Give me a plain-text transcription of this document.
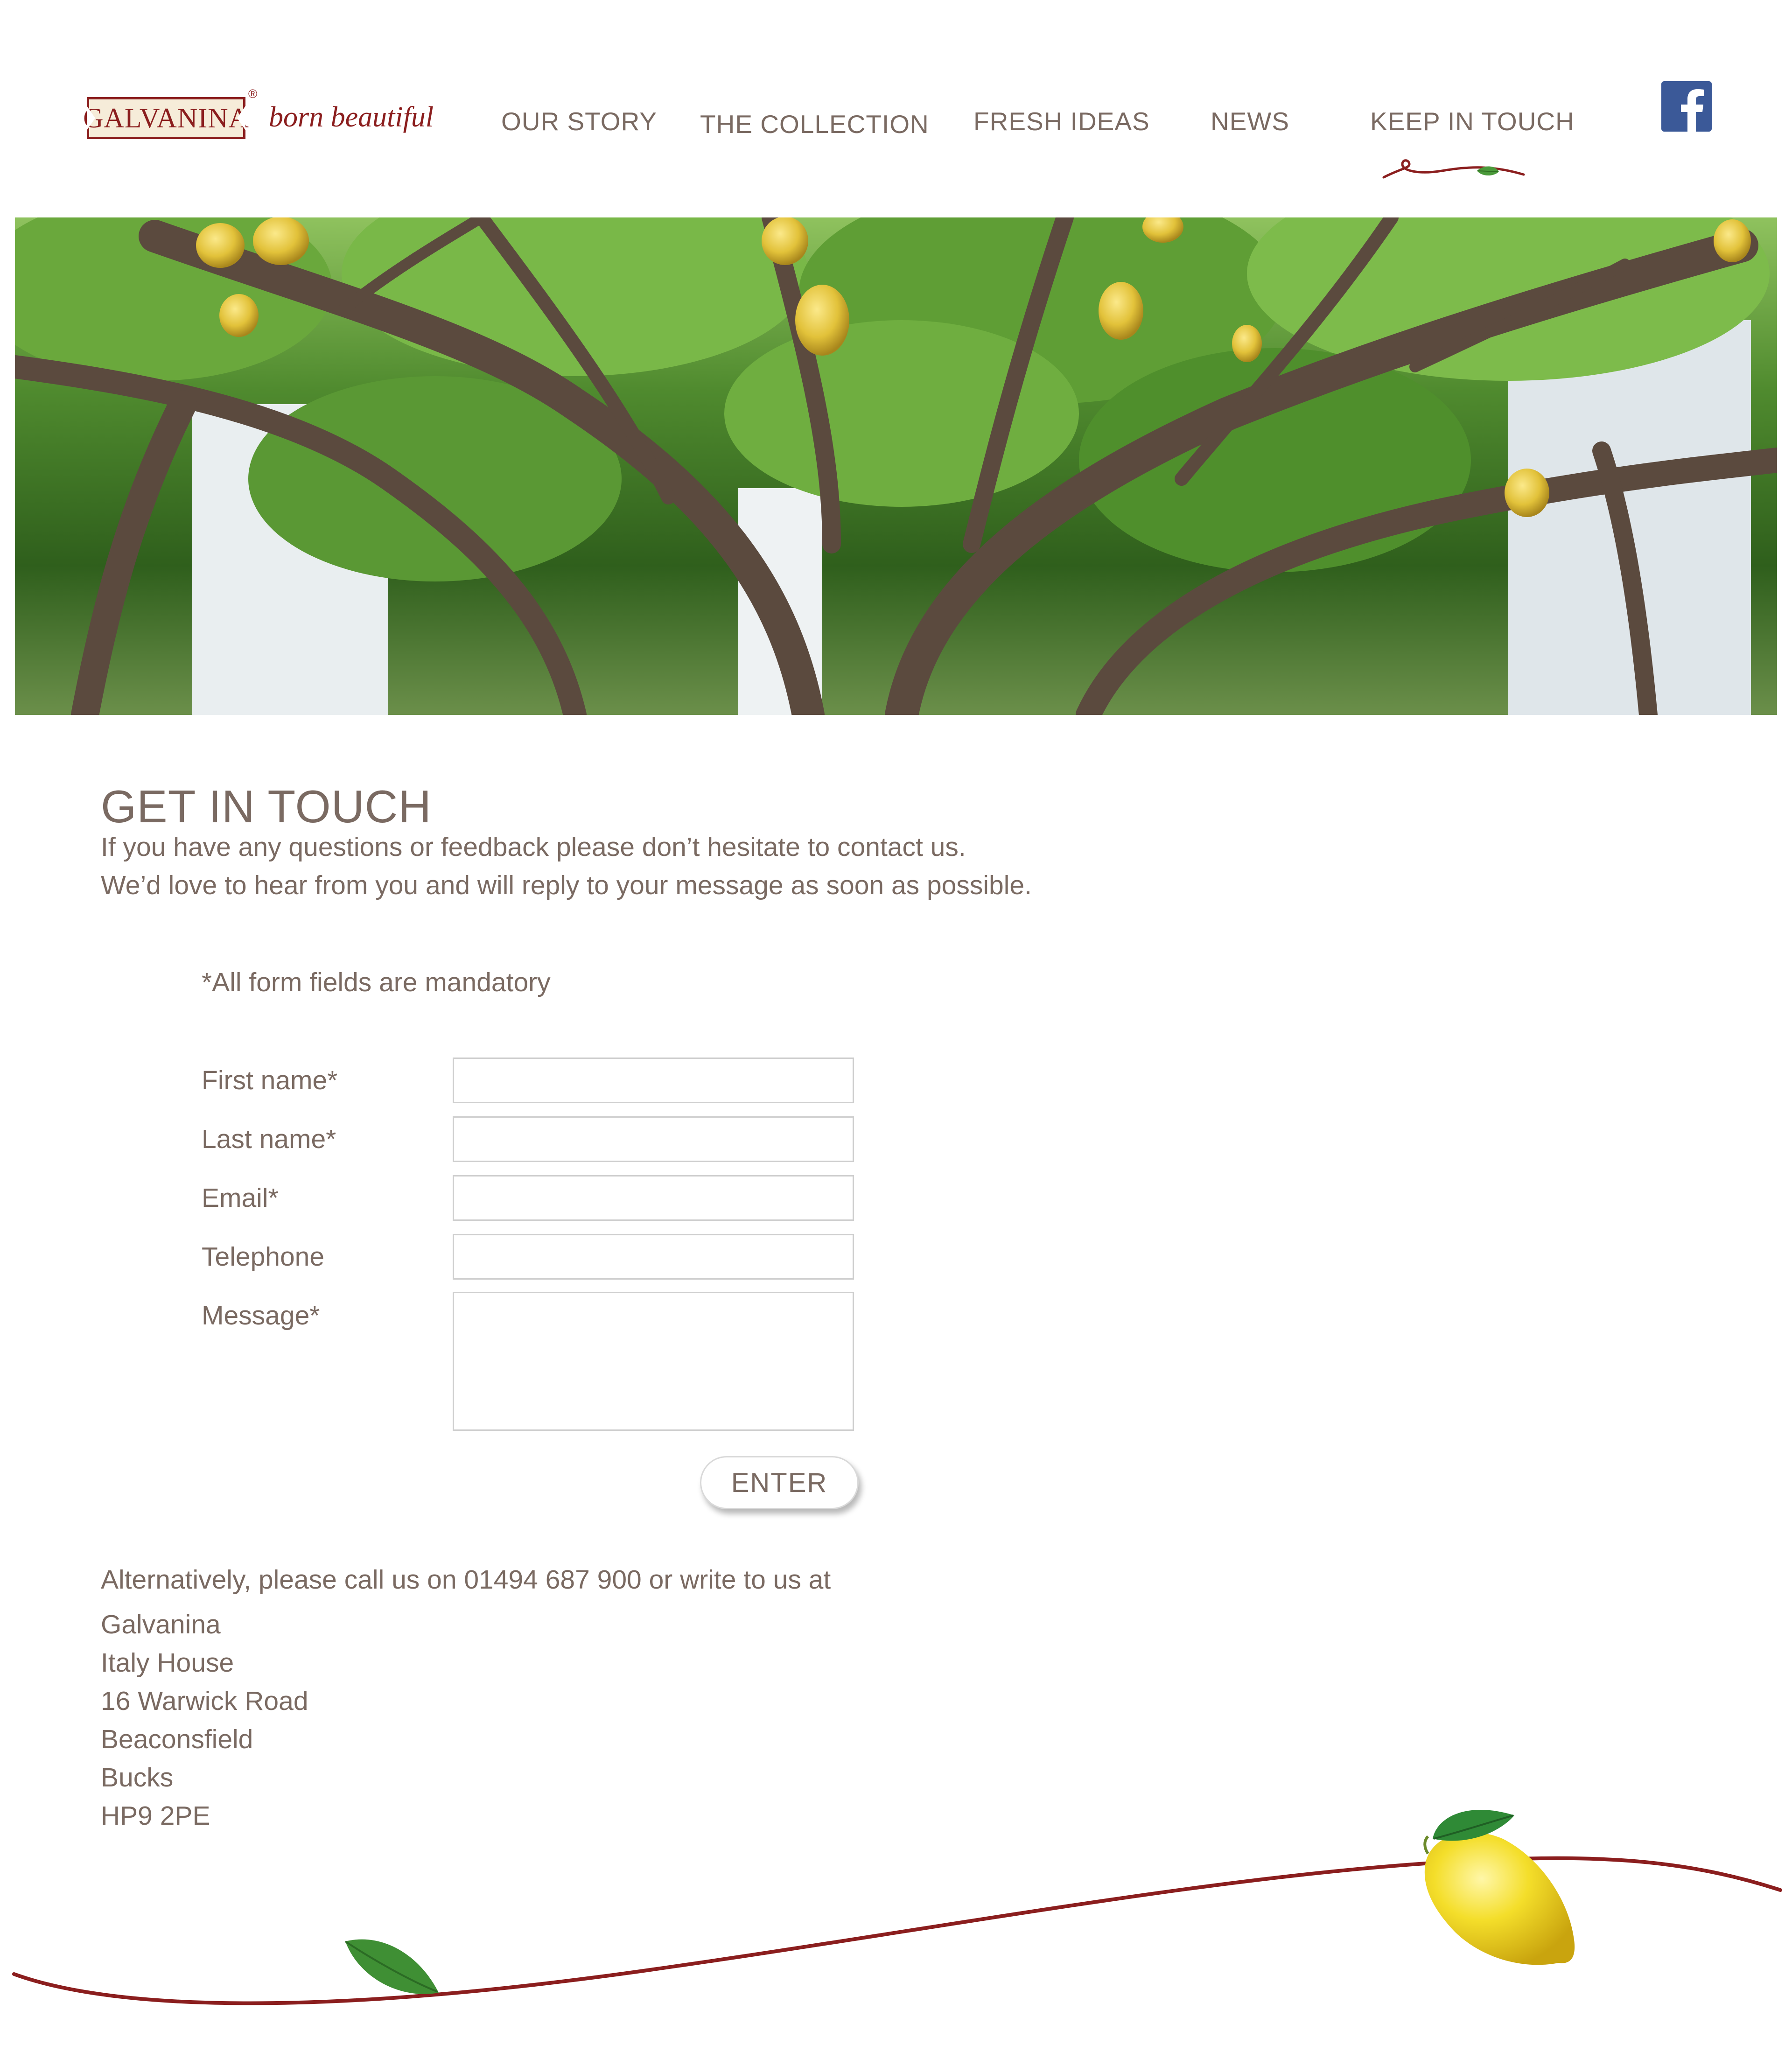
GALVANINA
®
born beautiful	OUR STORY THE COLLECTION FRESH IDEAS NEWS	KEEP IN TOUCH
GET IN TOUCH
If you have any questions or feedback please don’t hesitate to contact us.
We’d love to hear from you and will reply to your message as soon as possible.
*All form fields are mandatory
First name*
Last name*
Email*
Telephone
Message*
ENTER
Alternatively, please call us on 01494 687 900 or write to us at
Galvanina
Italy House
16 Warwick Road
Beaconsfield
Bucks
HP9 2PE
